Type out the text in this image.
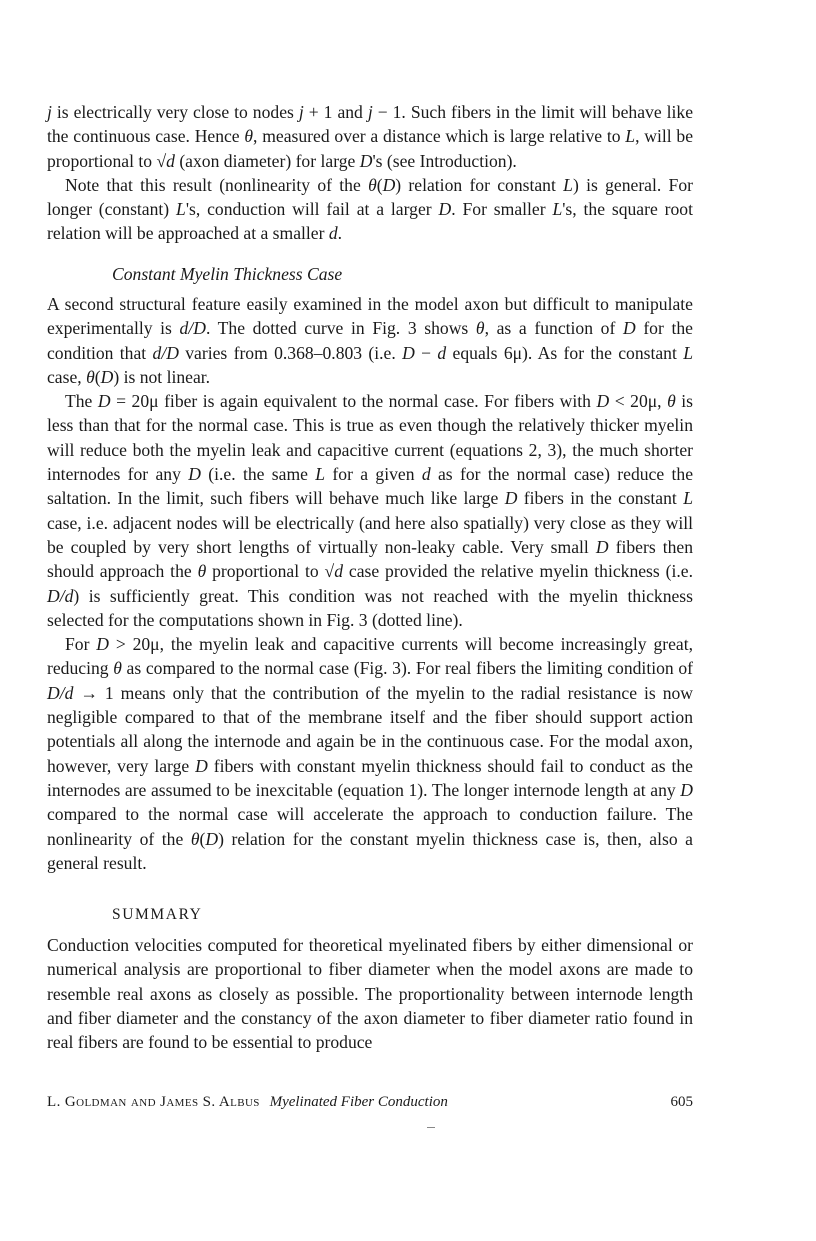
j is electrically very close to nodes j + 1 and j − 1. Such fibers in the limit will behave like the continuous case. Hence θ, measured over a distance which is large relative to L, will be proportional to √d (axon diameter) for large D's (see Introduction).

Note that this result (nonlinearity of the θ(D) relation for constant L) is general. For longer (constant) L's, conduction will fail at a larger D. For smaller L's, the square root relation will be approached at a smaller d.

Constant Myelin Thickness Case

A second structural feature easily examined in the model axon but difficult to manipulate experimentally is d/D. The dotted curve in Fig. 3 shows θ, as a function of D for the condition that d/D varies from 0.368–0.803 (i.e. D − d equals 6μ). As for the constant L case, θ(D) is not linear.

The D = 20μ fiber is again equivalent to the normal case. For fibers with D < 20μ, θ is less than that for the normal case. This is true as even though the relatively thicker myelin will reduce both the myelin leak and capacitive current (equations 2, 3), the much shorter internodes for any D (i.e. the same L for a given d as for the normal case) reduce the saltation. In the limit, such fibers will behave much like large D fibers in the constant L case, i.e. adjacent nodes will be electrically (and here also spatially) very close as they will be coupled by very short lengths of virtually non-leaky cable. Very small D fibers then should approach the θ proportional to √d case provided the relative myelin thickness (i.e. D/d) is sufficiently great. This condition was not reached with the myelin thickness selected for the computations shown in Fig. 3 (dotted line).

For D > 20μ, the myelin leak and capacitive currents will become increasingly great, reducing θ as compared to the normal case (Fig. 3). For real fibers the limiting condition of D/d → 1 means only that the contribution of the myelin to the radial resistance is now negligible compared to that of the membrane itself and the fiber should support action potentials all along the internode and again be in the continuous case. For the modal axon, however, very large D fibers with constant myelin thickness should fail to conduct as the internodes are assumed to be inexcitable (equation 1). The longer internode length at any D compared to the normal case will accelerate the approach to conduction failure. The nonlinearity of the θ(D) relation for the constant myelin thickness case is, then, also a general result.

SUMMARY

Conduction velocities computed for theoretical myelinated fibers by either dimensional or numerical analysis are proportional to fiber diameter when the model axons are made to resemble real axons as closely as possible. The proportionality between internode length and fiber diameter and the constancy of the axon diameter to fiber diameter ratio found in real fibers are found to be essential to produce

L. Goldman and James S. Albus Myelinated Fiber Conduction	605
